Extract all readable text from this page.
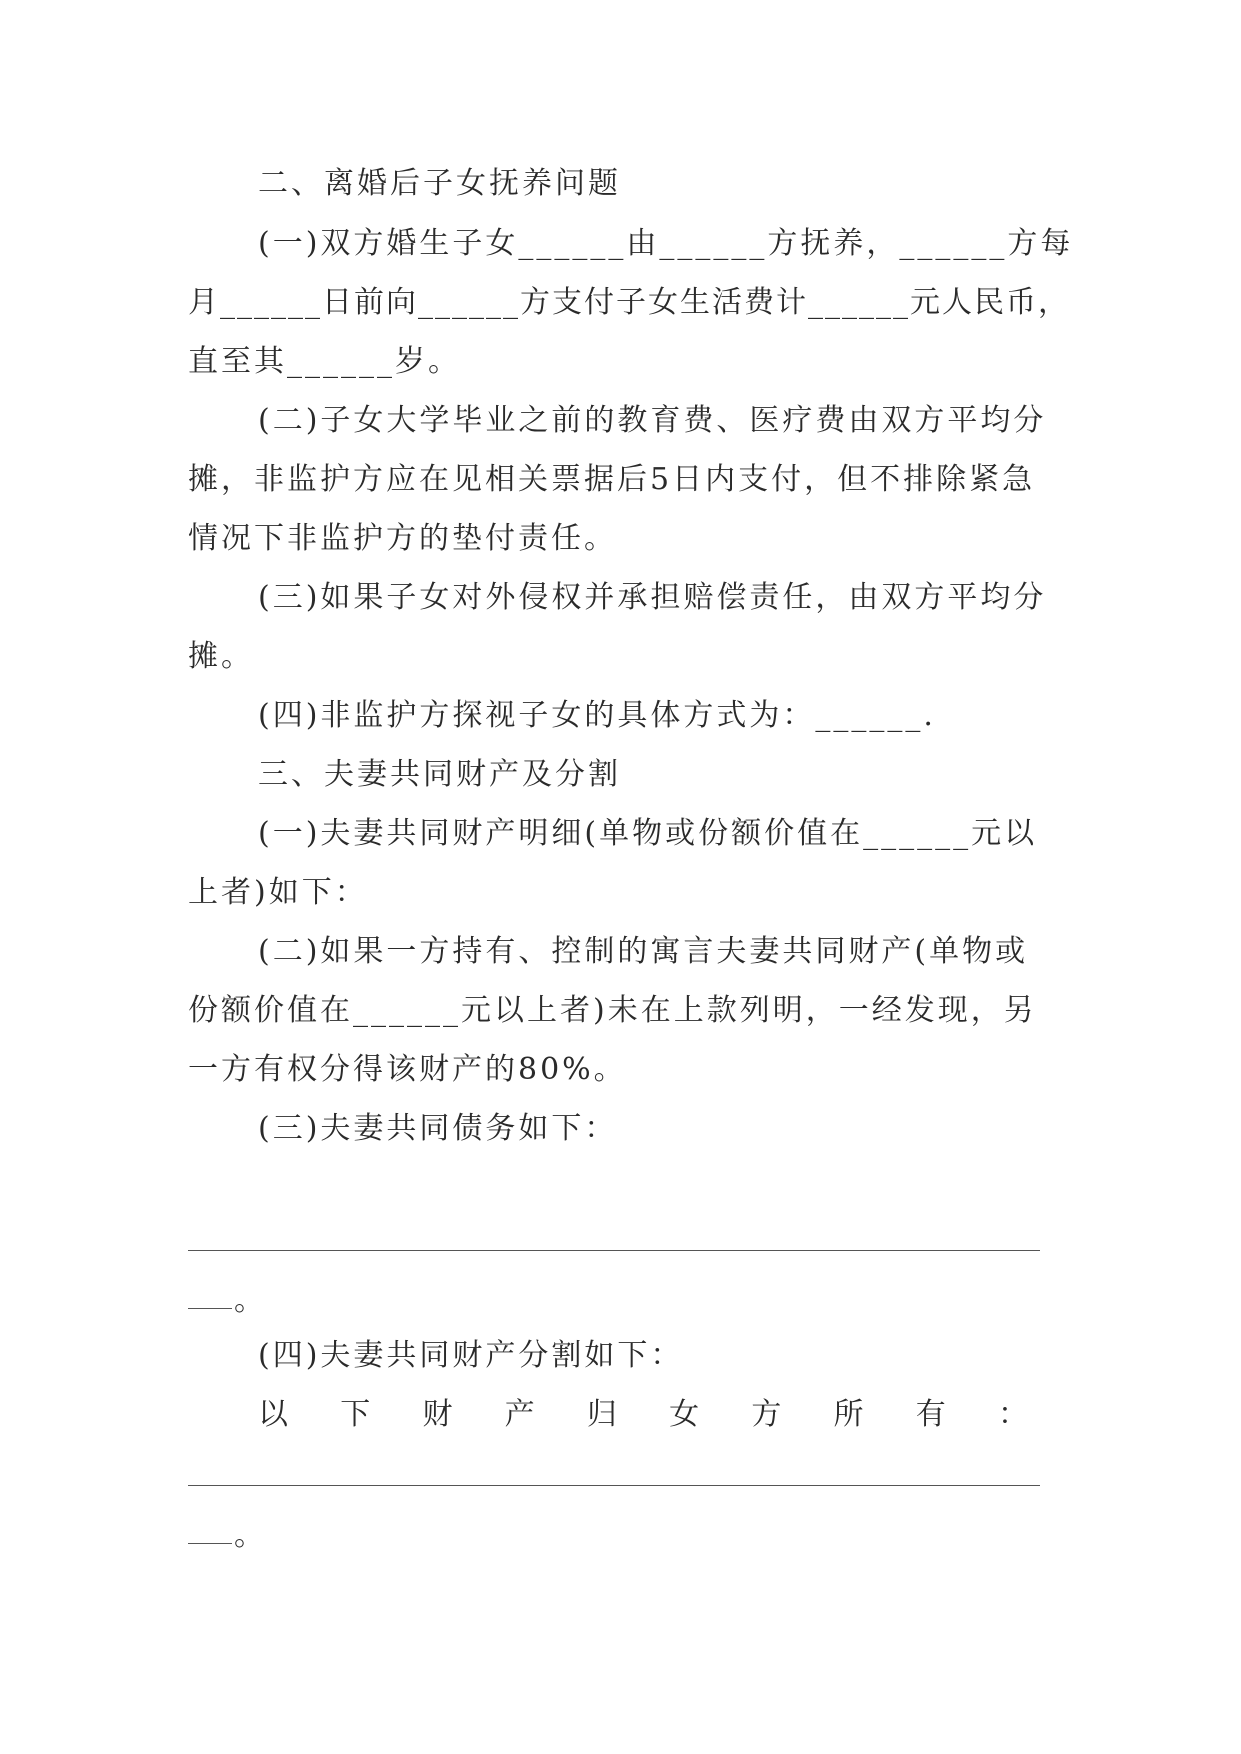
二、离婚后子女抚养问题
(一)双方婚生子女______由______方抚养，______方每
月______日前向______方支付子女生活费计______元人民币，
直至其______岁。
(二)子女大学毕业之前的教育费、医疗费由双方平均分
摊，非监护方应在见相关票据后5日内支付，但不排除紧急
情况下非监护方的垫付责任。
(三)如果子女对外侵权并承担赔偿责任，由双方平均分
摊。
(四)非监护方探视子女的具体方式为：______.
三、夫妻共同财产及分割
(一)夫妻共同财产明细(单物或份额价值在______元以
上者)如下：
(二)如果一方持有、控制的寓言夫妻共同财产(单物或
份额价值在______元以上者)未在上款列明，一经发现，另
一方有权分得该财产的80%。
(三)夫妻共同债务如下：
。
(四)夫妻共同财产分割如下：
以 下 财 产 归 女 方 所 有 ：
。
